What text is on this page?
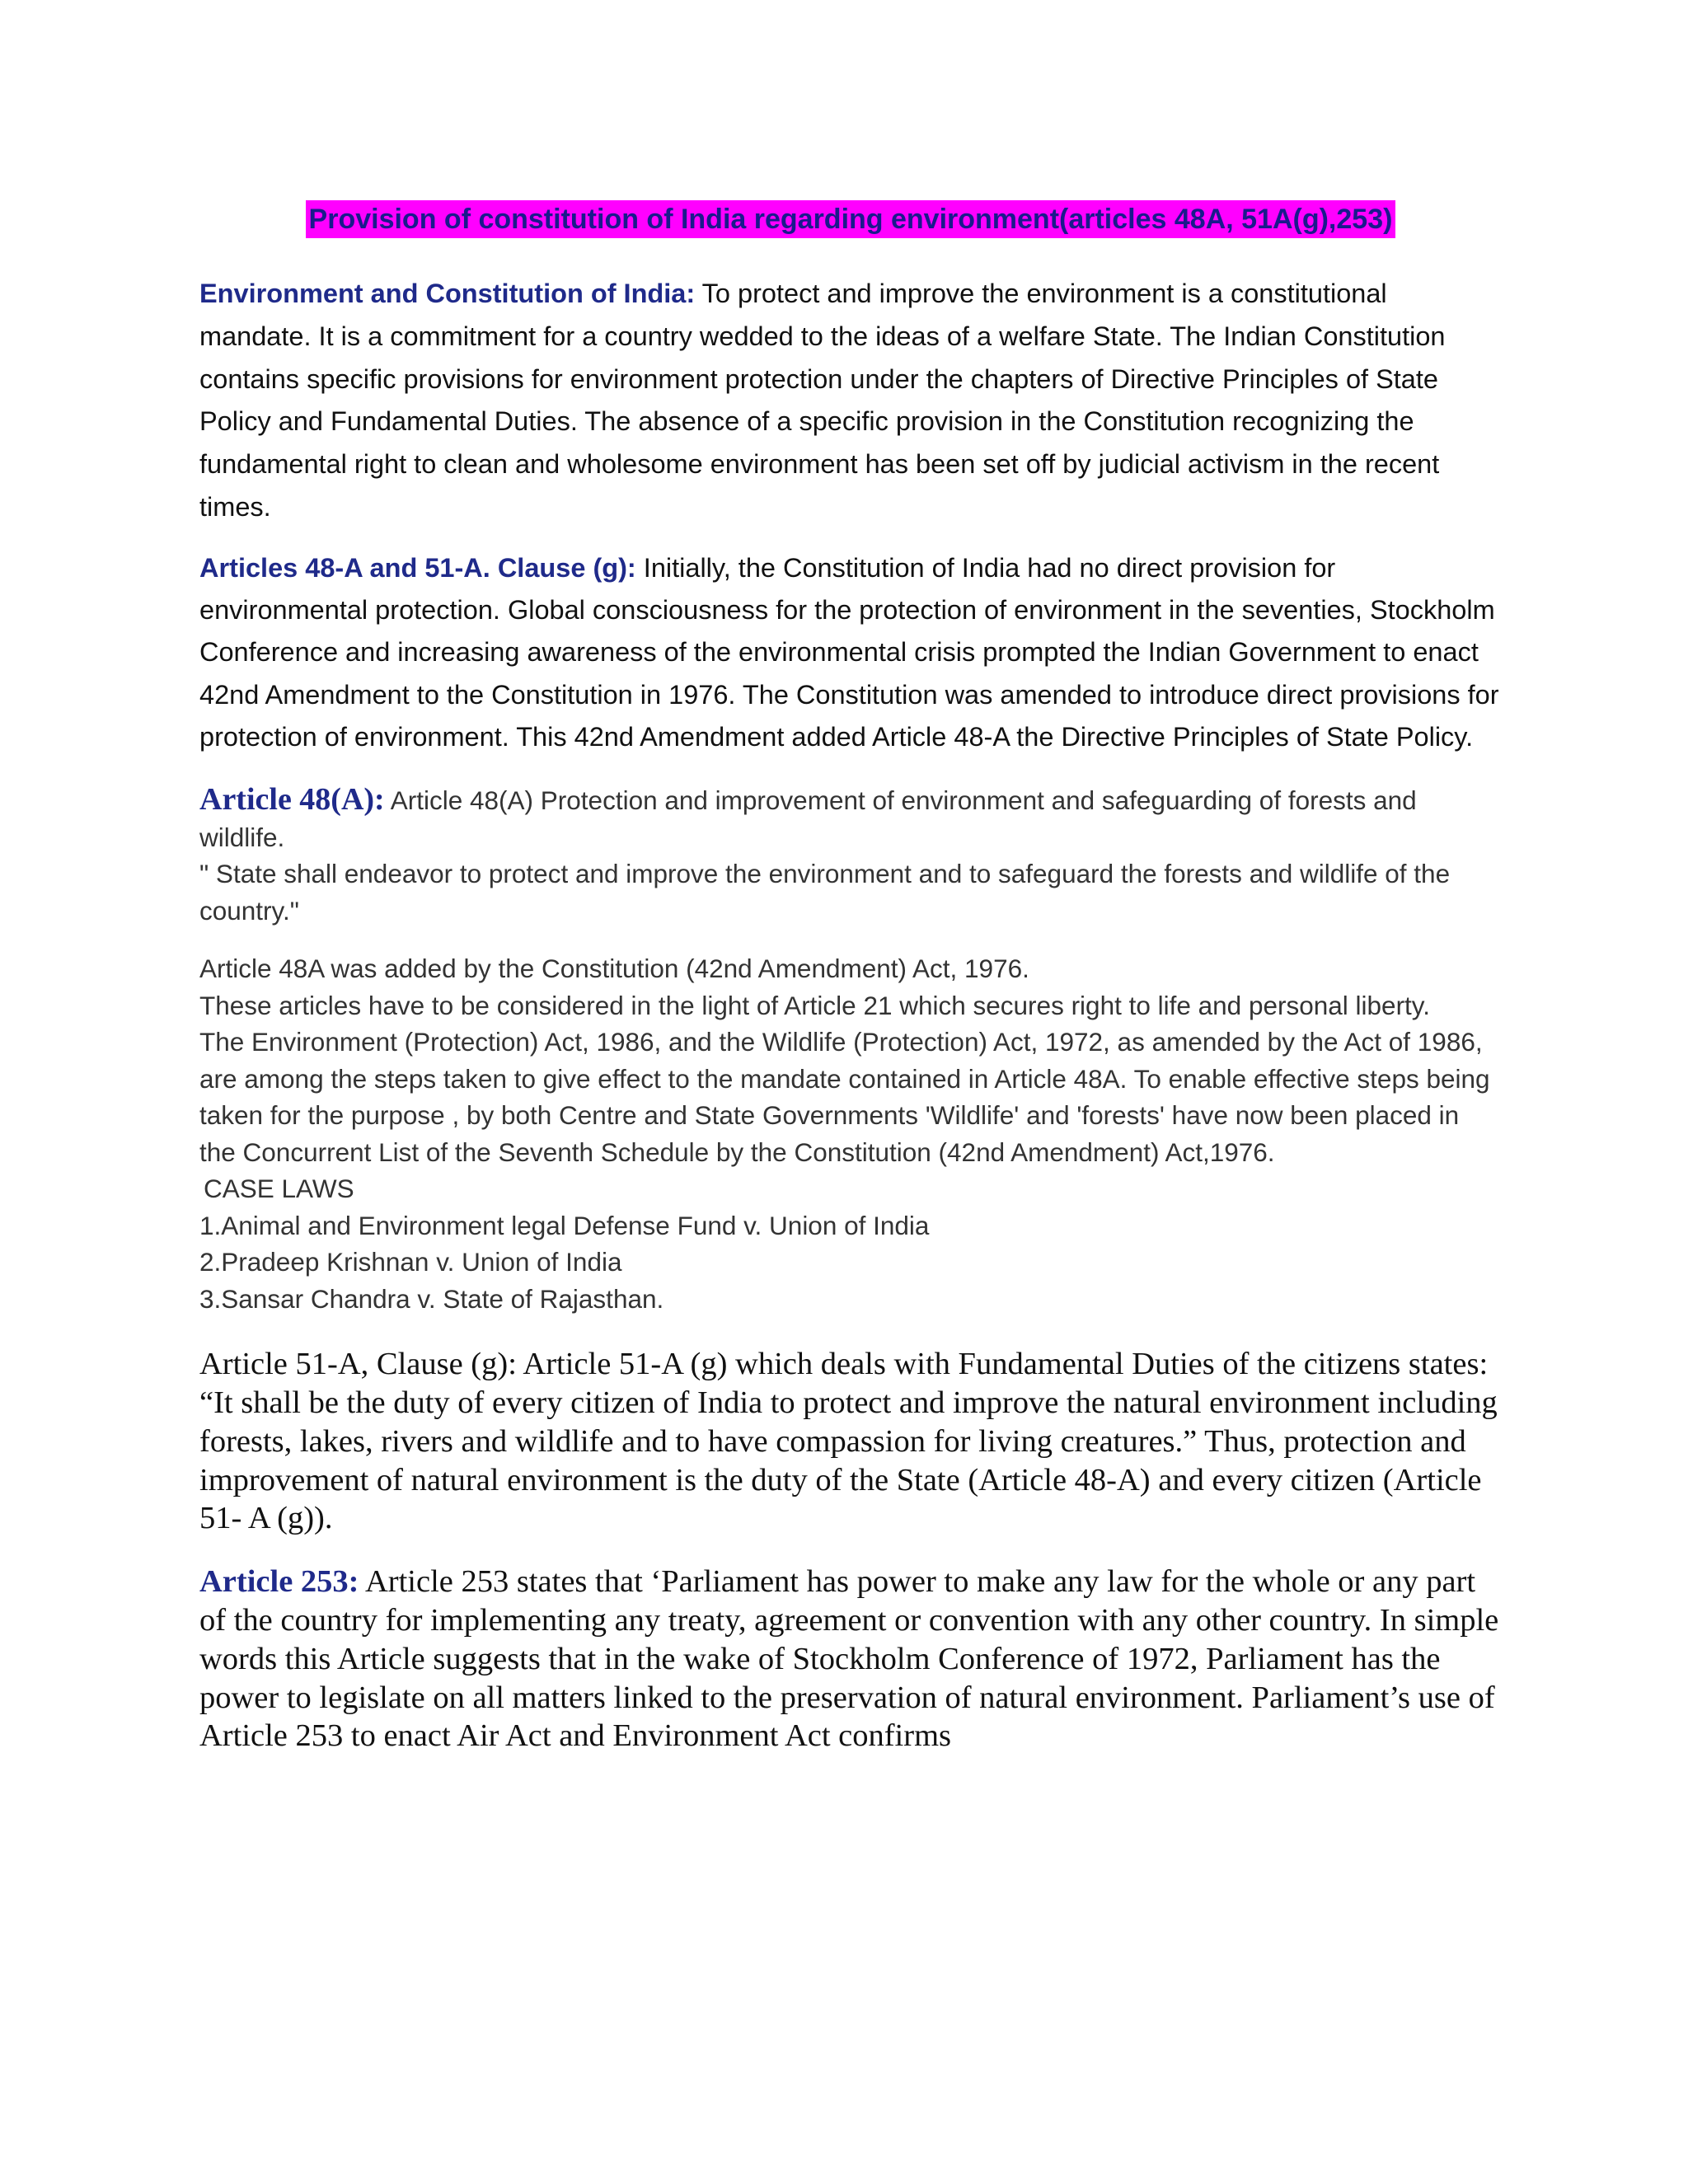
Provision of constitution of India regarding environment(articles 48A, 51A(g),253)

Environment and Constitution of India: To protect and improve the environment is a constitutional mandate. It is a commitment for a country wedded to the ideas of a welfare State. The Indian Constitution contains specific provisions for environment protection under the chapters of Directive Principles of State Policy and Fundamental Duties. The absence of a specific provision in the Constitution recognizing the fundamental right to clean and wholesome environment has been set off by judicial activism in the recent times.

Articles 48-A and 51-A. Clause (g): Initially, the Constitution of India had no direct provision for environmental protection. Global consciousness for the protection of environment in the seventies, Stockholm Conference and increasing awareness of the environmental crisis prompted the Indian Government to enact 42nd Amendment to the Constitution in 1976. The Constitution was amended to introduce direct provisions for protection of environment. This 42nd Amendment added Article 48-A the Directive Principles of State Policy.

Article 48(A): Article 48(A) Protection and improvement of environment and safeguarding of forests and wildlife.

" State shall endeavor to protect and improve the environment and to safeguard the forests and wildlife of the country."

Article 48A was added by the Constitution (42nd Amendment) Act, 1976.

These articles have to be considered in the light of Article 21 which secures right to life and personal liberty.

The Environment (Protection) Act, 1986, and the Wildlife (Protection) Act, 1972, as amended by the Act of 1986, are among the steps taken to give effect to the mandate contained in Article 48A. To enable effective steps being taken for the purpose , by both Centre and State Governments 'Wildlife' and 'forests' have now been placed in the Concurrent List of the Seventh Schedule by the Constitution (42nd Amendment) Act,1976.

CASE LAWS

1.Animal and Environment legal Defense Fund v. Union of India

2.Pradeep Krishnan v. Union of India

3.Sansar Chandra v. State of Rajasthan.

Article 51-A, Clause (g): Article 51-A (g) which deals with Fundamental Duties of the citizens states: “It shall be the duty of every citizen of India to protect and improve the natural environment including forests, lakes, rivers and wildlife and to have compassion for living creatures.” Thus, protection and improvement of natural environment is the duty of the State (Article 48-A) and every citizen (Article 51- A (g)).

Article 253: Article 253 states that ‘Parliament has power to make any law for the whole or any part of the country for implementing any treaty, agreement or convention with any other country. In simple words this Article suggests that in the wake of Stockholm Conference of 1972, Parliament has the power to legislate on all matters linked to the preservation of natural environment. Parliament’s use of Article 253 to enact Air Act and Environment Act confirms
